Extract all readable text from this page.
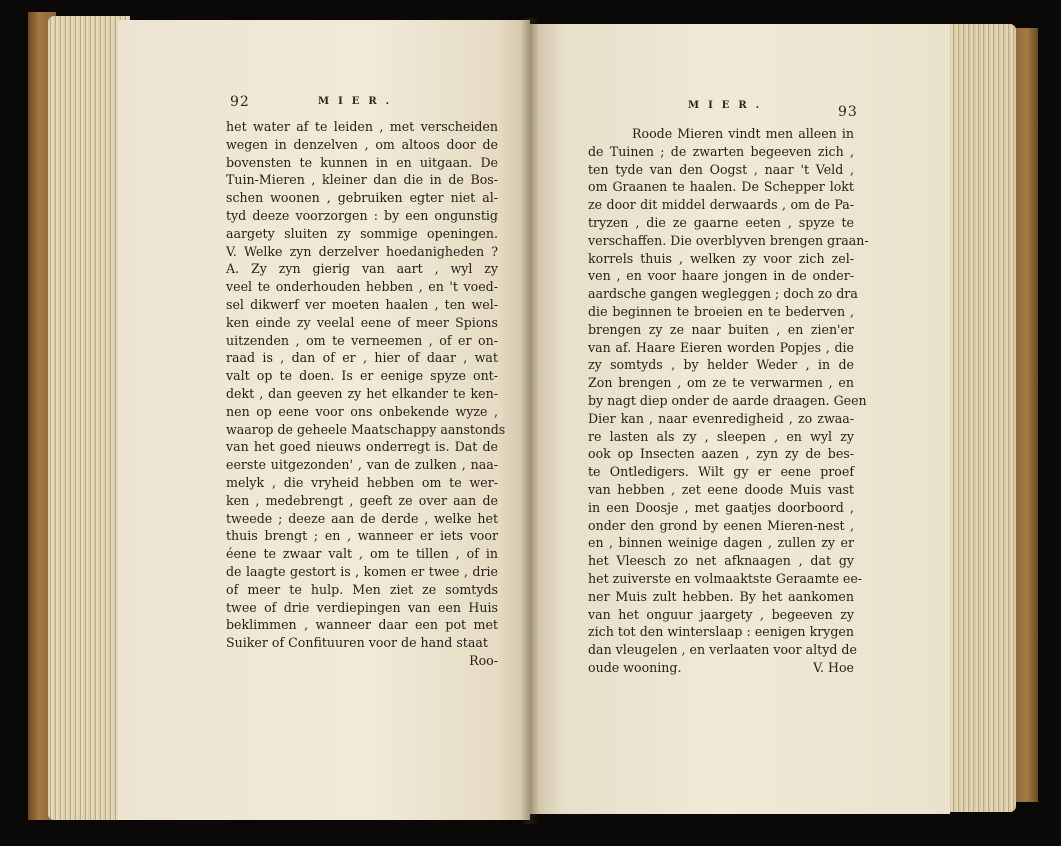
92	MIER.
het water af te leiden , met verscheiden
wegen in denzelven , om altoos door de
bovensten te kunnen in en uitgaan. De
Tuin-Mieren , kleiner dan die in de Bos-
schen woonen , gebruiken egter niet al-
tyd deeze voorzorgen : by een ongunstig
aargety sluiten zy sommige openingen.
V. Welke zyn derzelver hoedanigheden ?
A. Zy zyn gierig van aart , wyl zy
veel te onderhouden hebben , en 't voed-
sel dikwerf ver moeten haalen , ten wel-
ken einde zy veelal eene of meer Spions
uitzenden , om te verneemen , of er on-
raad is , dan of er , hier of daar , wat
valt op te doen. Is er eenige spyze ont-
dekt , dan geeven zy het elkander te ken-
nen op eene voor ons onbekende wyze ,
waarop de geheele Maatschappy aanstonds
van het goed nieuws onderregt is. Dat de
eerste uitgezonden' , van de zulken , naa-
melyk , die vryheid hebben om te wer-
ken , medebrengt , geeft ze over aan de
tweede ; deeze aan de derde , welke het
thuis brengt ; en , wanneer er iets voor
éene te zwaar valt , om te tillen , of in
de laagte gestort is , komen er twee , drie
of meer te hulp. Men ziet ze somtyds
twee of drie verdiepingen van een Huis
beklimmen , wanneer daar een pot met
Suiker of Confituuren voor de hand staat
Roo-
MIER.	93
Roode Mieren vindt men alleen in
de Tuinen ; de zwarten begeeven zich ,
ten tyde van den Oogst , naar 't Veld ,
om Graanen te haalen. De Schepper lokt
ze door dit middel derwaards , om de Pa-
tryzen , die ze gaarne eeten , spyze te
verschaffen. Die overblyven brengen graan-
korrels thuis , welken zy voor zich zel-
ven , en voor haare jongen in de onder-
aardsche gangen wegleggen ; doch zo dra
die beginnen te broeien en te bederven ,
brengen zy ze naar buiten , en zien'er
van af. Haare Eieren worden Popjes , die
zy somtyds , by helder Weder , in de
Zon brengen , om ze te verwarmen , en
by nagt diep onder de aarde draagen. Geen
Dier kan , naar evenredigheid , zo zwaa-
re lasten als zy , sleepen , en wyl zy
ook op Insecten aazen , zyn zy de bes-
te Ontledigers. Wilt gy er eene proef
van hebben , zet eene doode Muis vast
in een Doosje , met gaatjes doorboord ,
onder den grond by eenen Mieren-nest ,
en , binnen weinige dagen , zullen zy er
het Vleesch zo net afknaagen , dat gy
het zuiverste en volmaaktste Geraamte ee-
ner Muis zult hebben. By het aankomen
van het onguur jaargety , begeeven zy
zich tot den winterslaap : eenigen krygen
dan vleugelen , en verlaaten voor altyd de
oude wooning.	V. Hoe
